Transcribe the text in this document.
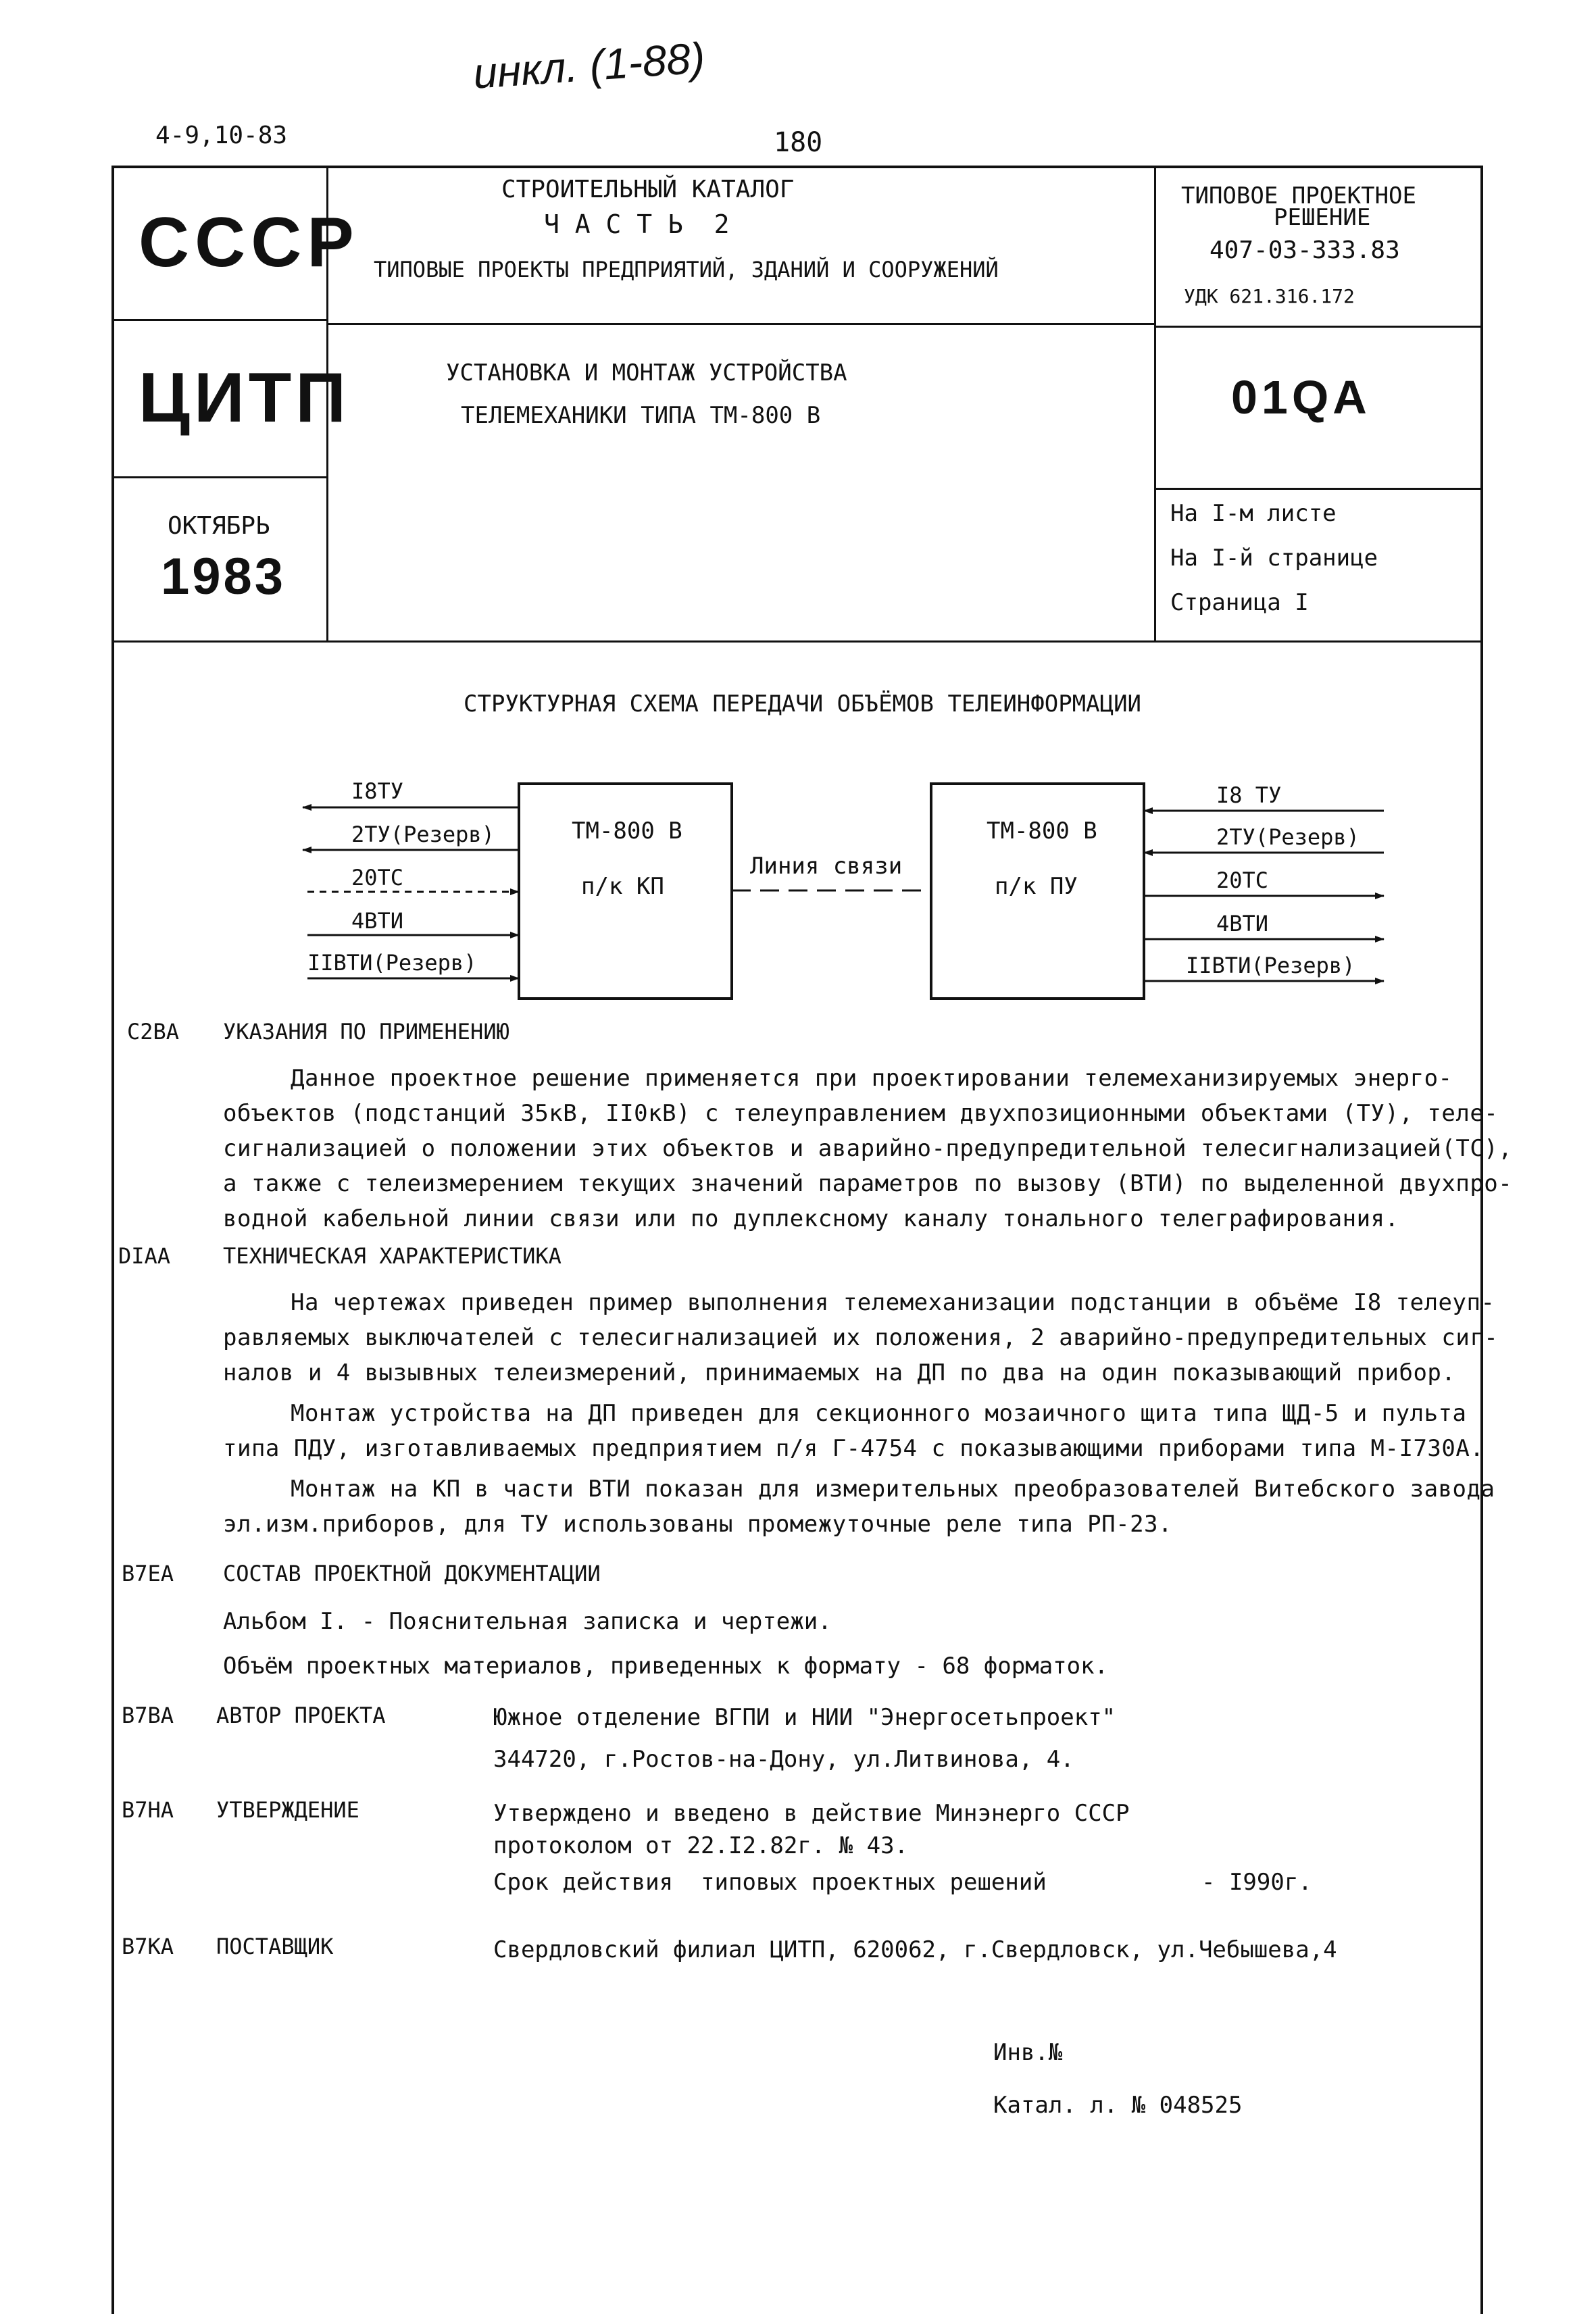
инкл. (1-88)
4-9,10-83	180
СССР
ЦИТП
ОКТЯБРЬ
1983
СТРОИТЕЛЬНЫЙ КАТАЛОГ
Ч А С Т Ь  2
ТИПОВЫЕ ПРОЕКТЫ ПРЕДПРИЯТИЙ, ЗДАНИЙ И СООРУЖЕНИЙ
УСТАНОВКА И МОНТАЖ УСТРОЙСТВА
ТЕЛЕМЕХАНИКИ ТИПА ТМ-800 В
ТИПОВОЕ ПРОЕКТНОЕ
РЕШЕНИЕ
407-03-333.83
УДК 621.316.172
01QA
На I-м листе
На I-й странице
Страница I
СТРУКТУРНАЯ СХЕМА ПЕРЕДАЧИ ОБЪЁМОВ ТЕЛЕИНФОРМАЦИИ
ТМ-800 В
п/к КП
ТМ-800 В
п/к ПУ
Линия связи
I8ТУ
2ТУ(Резерв)
20ТС
4ВТИ
IIВТИ(Резерв)
I8 ТУ
2ТУ(Резерв)
20ТС
4ВТИ
IIВТИ(Резерв)
С2ВА УКАЗАНИЯ ПО ПРИМЕНЕНИЮ
Данное проектное решение применяется при проектировании телемеханизируемых энерго-
объектов (подстанций 35кВ, II0кВ) с телеуправлением двухпозиционными объектами (ТУ), теле-
сигнализацией о положении этих объектов и аварийно-предупредительной телесигнализацией(ТС),
а также с телеизмерением текущих значений параметров по вызову (ВТИ) по выделенной двухпро-
водной кабельной линии связи или по дуплексному каналу тонального телеграфирования.
DIAA ТЕХНИЧЕСКАЯ ХАРАКТЕРИСТИКА
На чертежах приведен пример выполнения телемеханизации подстанции в объёме I8 телеуп-
равляемых выключателей с телесигнализацией их положения, 2 аварийно-предупредительных сиг-
налов и 4 вызывных телеизмерений, принимаемых на ДП по два на один показывающий прибор.
Монтаж устройства на ДП приведен для секционного мозаичного щита типа ЩД-5 и пульта
типа ПДУ, изготавливаемых предприятием п/я Г-4754 с показывающими приборами типа М-I730А.
Монтаж на КП в части ВТИ показан для измерительных преобразователей Витебского завода
эл.изм.приборов, для ТУ использованы промежуточные реле типа РП-23.
В7ЕА СОСТАВ ПРОЕКТНОЙ ДОКУМЕНТАЦИИ
Альбом I. - Пояснительная записка и чертежи.
Объём проектных материалов, приведенных к формату - 68 форматок.
В7ВА АВТОР ПРОЕКТА	Южное отделение ВГПИ и НИИ "Энергосетьпроект"
344720, г.Ростов-на-Дону, ул.Литвинова, 4.
В7НА УТВЕРЖДЕНИЕ	Утверждено и введено в действие Минэнерго СССР
протоколом от 22.I2.82г. № 43.
Срок действия  типовых проектных решений	- I990г.
В7КА ПОСТАВЩИК	Свердловский филиал ЦИТП, 620062, г.Свердловск, ул.Чебышева,4
Инв.№
Катал. л. № 048525
